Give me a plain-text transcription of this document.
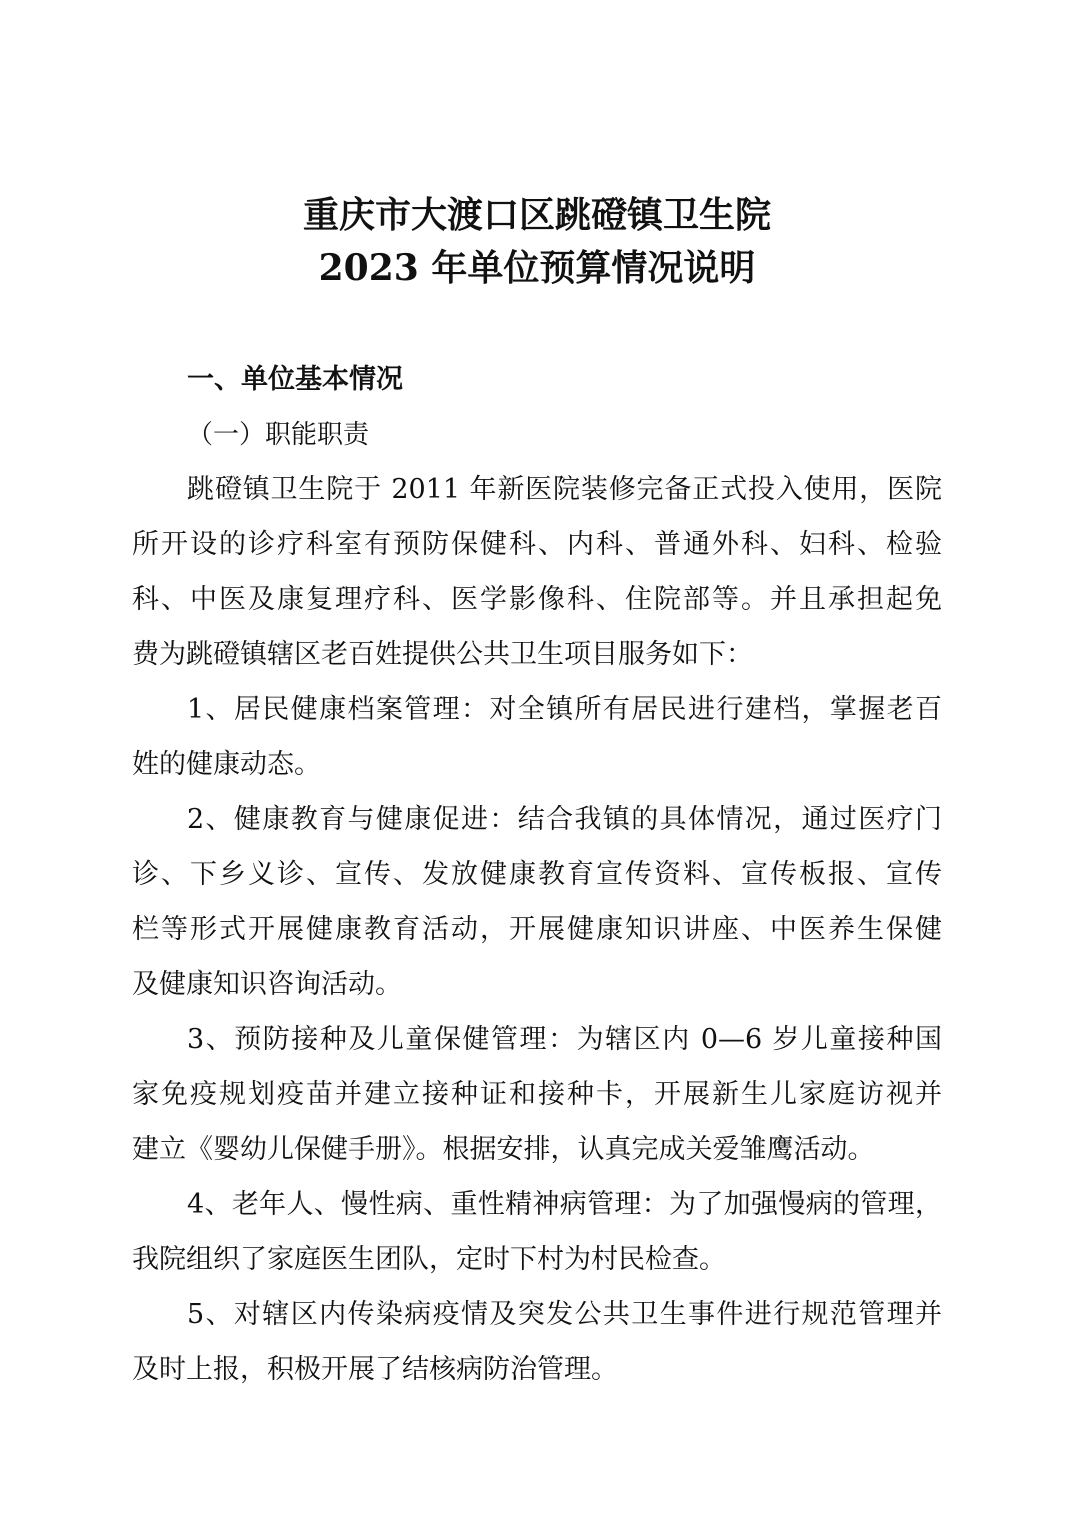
重庆市大渡口区跳磴镇卫生院
2023 年单位预算情况说明
一、单位基本情况
（一）职能职责
跳磴镇卫生院于 2011 年新医院装修完备正式投入使用，医院
所开设的诊疗科室有预防保健科、内科、普通外科、妇科、检验
科、中医及康复理疗科、医学影像科、住院部等。并且承担起免
费为跳磴镇辖区老百姓提供公共卫生项目服务如下：
1、居民健康档案管理：对全镇所有居民进行建档，掌握老百
姓的健康动态。
2、健康教育与健康促进：结合我镇的具体情况，通过医疗门
诊、下乡义诊、宣传、发放健康教育宣传资料、宣传板报、宣传
栏等形式开展健康教育活动，开展健康知识讲座、中医养生保健
及健康知识咨询活动。
3、预防接种及儿童保健管理：为辖区内 0—6 岁儿童接种国
家免疫规划疫苗并建立接种证和接种卡，开展新生儿家庭访视并
建立《婴幼儿保健手册》。根据安排，认真完成关爱雏鹰活动。
4、老年人、慢性病、重性精神病管理：为了加强慢病的管理，
我院组织了家庭医生团队，定时下村为村民检查。
5、对辖区内传染病疫情及突发公共卫生事件进行规范管理并
及时上报，积极开展了结核病防治管理。
